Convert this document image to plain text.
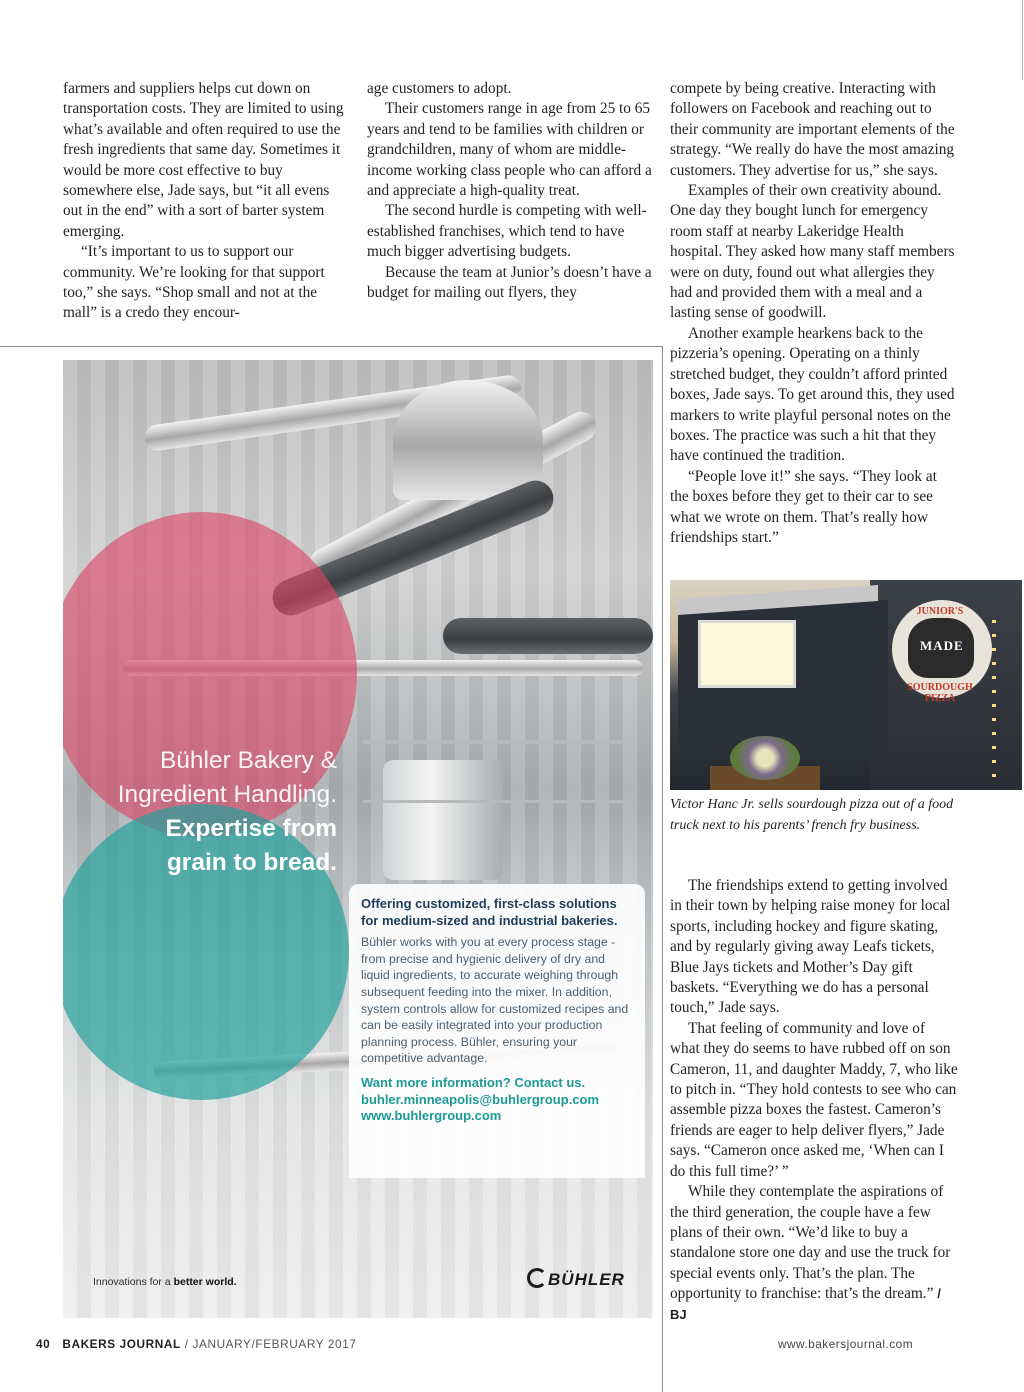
farmers and suppliers helps cut down on transportation costs. They are limited to using what’s available and often required to use the fresh ingredients that same day. Sometimes it would be more cost effective to buy somewhere else, Jade says, but “it all evens out in the end” with a sort of barter system emerging.

“It’s important to us to support our community. We’re looking for that support too,” she says. “Shop small and not at the mall” is a credo they encour-

age customers to adopt.

Their customers range in age from 25 to 65 years and tend to be families with children or grandchildren, many of whom are middle-income working class people who can afford a and appreciate a high-quality treat.

The second hurdle is competing with well-established franchises, which tend to have much bigger advertising budgets.

Because the team at Junior’s doesn’t have a budget for mailing out flyers, they

compete by being creative. Interacting with followers on Facebook and reaching out to their community are important elements of the strategy. “We really do have the most amazing customers. They advertise for us,” she says.

Examples of their own creativity abound. One day they bought lunch for emergency room staff at nearby Lakeridge Health hospital. They asked how many staff members were on duty, found out what allergies they had and provided them with a meal and a lasting sense of goodwill.

Another example hearkens back to the pizzeria’s opening. Operating on a thinly stretched budget, they couldn’t afford printed boxes, Jade says. To get around this, they used markers to write playful personal notes on the boxes. The practice was such a hit that they have continued the tradition.

“People love it!” she says. “They look at the boxes before they get to their car to see what we wrote on them. That’s really how friendships start.”

The friendships extend to getting involved in their town by helping raise money for local sports, including hockey and figure skating, and by regularly giving away Leafs tickets, Blue Jays tickets and Mother’s Day gift baskets. “Everything we do has a personal touch,” Jade says.

That feeling of community and love of what they do seems to have rubbed off on son Cameron, 11, and daughter Maddy, 7, who like to pitch in. “They hold contests to see who can assemble pizza boxes the fastest. Cameron’s friends are eager to help deliver flyers,” Jade says. “Cameron once asked me, ‘When can I do this full time?’ ”

While they contemplate the aspirations of the third generation, the couple have a few plans of their own. “We’d like to buy a standalone store one day and use the truck for special events only. That’s the plan. The opportunity to franchise: that’s the dream.” / BJ

Bühler Bakery &
Ingredient Handling.
Expertise from
grain to bread.

Offering customized, first-class solutions for medium-sized and industrial bakeries.

Bühler works with you at every process stage - from precise and hygienic delivery of dry and liquid ingredients, to accurate weighing through subsequent feeding into the mixer. In addition, system controls allow for customized recipes and can be easily integrated into your production planning process. Bühler, ensuring your competitive advantage.

Want more information? Contact us.

buhler.minneapolis@buhlergroup.com

www.buhlergroup.com

Innovations for a better world.	BÜHLER
JUNIOR'S
MADE
SOURDOUGH PIZZA
Victor Hanc Jr. sells sourdough pizza out of a food truck next to his parents’ french fry business.
40 BAKERS JOURNAL / JANUARY/FEBRUARY 2017	www.bakersjournal.com
